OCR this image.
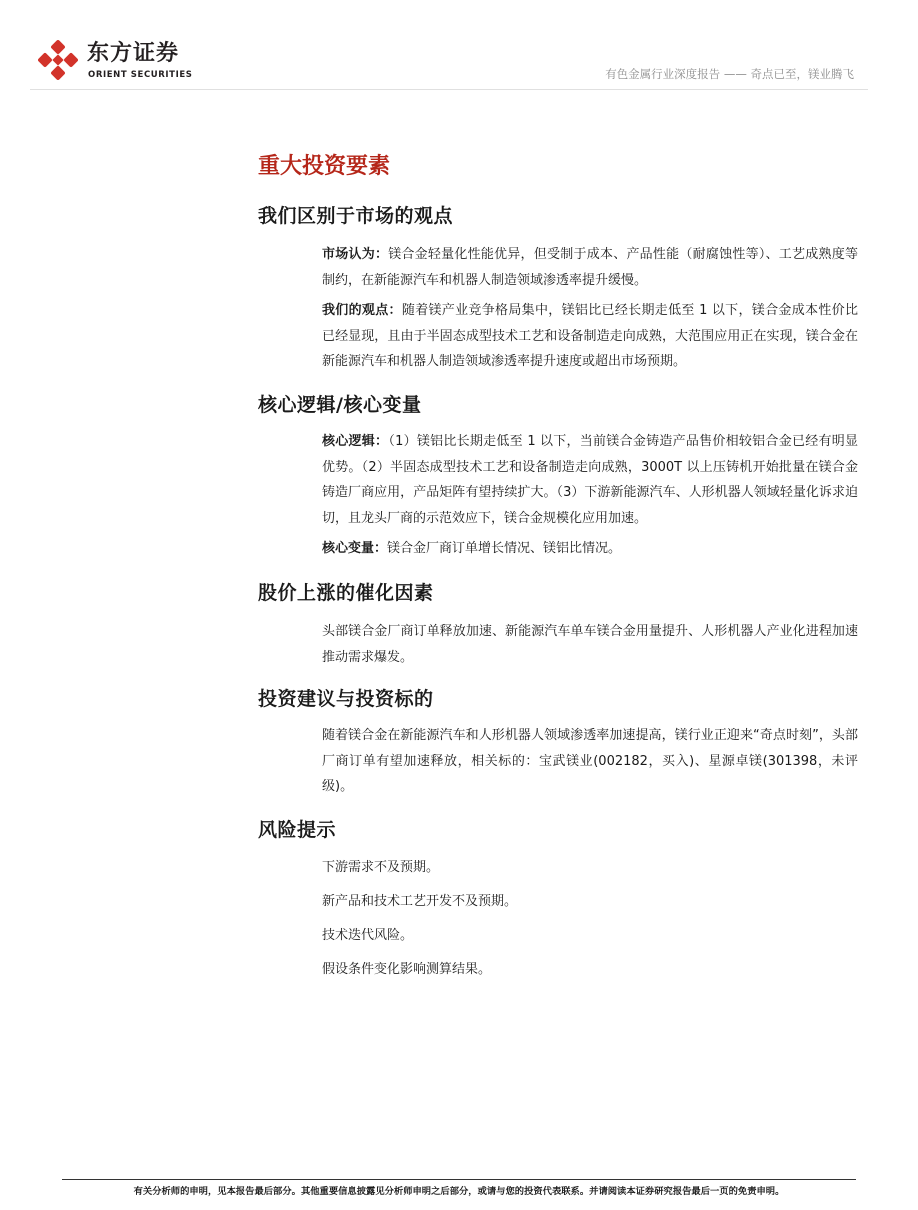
东方证券
ORIENT SECURITIES	有色金属行业深度报告 —— 奇点已至，镁业腾飞
重大投资要素
我们区别于市场的观点

市场认为：镁合金轻量化性能优异，但受制于成本、产品性能（耐腐蚀性等）、工艺成熟度等制约，在新能源汽车和机器人制造领域渗透率提升缓慢。

我们的观点：随着镁产业竞争格局集中，镁铝比已经长期走低至 1 以下，镁合金成本性价比已经显现，且由于半固态成型技术工艺和设备制造走向成熟，大范围应用正在实现，镁合金在新能源汽车和机器人制造领域渗透率提升速度或超出市场预期。

核心逻辑/核心变量

核心逻辑：（1）镁铝比长期走低至 1 以下，当前镁合金铸造产品售价相较铝合金已经有明显优势。（2）半固态成型技术工艺和设备制造走向成熟，3000T 以上压铸机开始批量在镁合金铸造厂商应用，产品矩阵有望持续扩大。（3）下游新能源汽车、人形机器人领域轻量化诉求迫切，且龙头厂商的示范效应下，镁合金规模化应用加速。

核心变量：镁合金厂商订单增长情况、镁铝比情况。

股价上涨的催化因素

头部镁合金厂商订单释放加速、新能源汽车单车镁合金用量提升、人形机器人产业化进程加速推动需求爆发。

投资建议与投资标的

随着镁合金在新能源汽车和人形机器人领域渗透率加速提高，镁行业正迎来“奇点时刻”，头部厂商订单有望加速释放，相关标的：宝武镁业(002182，买入)、星源卓镁(301398，未评级)。

风险提示

下游需求不及预期。

新产品和技术工艺开发不及预期。

技术迭代风险。

假设条件变化影响测算结果。

有关分析师的申明，见本报告最后部分。其他重要信息披露见分析师申明之后部分，或请与您的投资代表联系。并请阅读本证券研究报告最后一页的免责申明。
